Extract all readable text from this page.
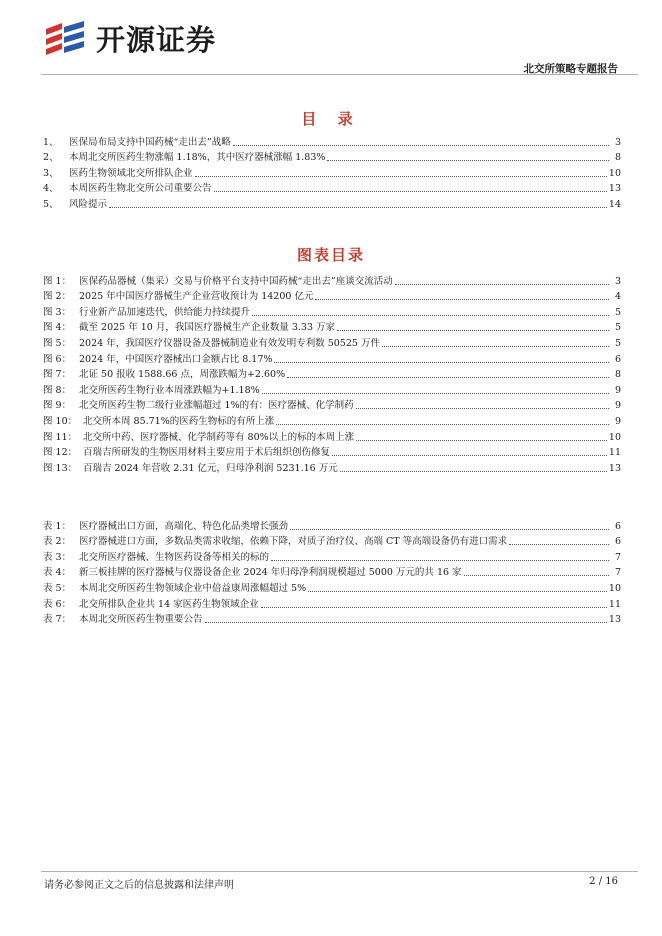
开源证券
北交所策略专题报告
目 录
1、	医保局布局支持中国药械“走出去”战略	3
2、	本周北交所医药生物涨幅 1.18%，其中医疗器械涨幅 1.83%	8
3、	医药生物领域北交所排队企业	10
4、	本周医药生物北交所公司重要公告	13
5、	风险提示	14
图表目录
图 1： 医保药品器械（集采）交易与价格平台支持中国药械“走出去”座谈交流活动	3
图 2： 2025 年中国医疗器械生产企业营收预计为 14200 亿元	4
图 3： 行业新产品加速迭代，供给能力持续提升	5
图 4： 截至 2025 年 10 月，我国医疗器械生产企业数量 3.33 万家	5
图 5： 2024 年，我国医疗仪器设备及器械制造业有效发明专利数 50525 万件	5
图 6： 2024 年，中国医疗器械出口金额占比 8.17%	6
图 7： 北证 50 报收 1588.66 点，周涨跌幅为+2.60%	8
图 8： 北交所医药生物行业本周涨跌幅为+1.18%	9
图 9： 北交所医药生物二级行业涨幅超过 1%的有：医疗器械、化学制药	9
图 10： 北交所本周 85.71%的医药生物标的有所上涨	9
图 11： 北交所中药、医疗器械、化学制药等有 80%以上的标的本周上涨	10
图 12： 百瑞吉所研发的生物医用材料主要应用于术后组织创伤修复	11
图 13： 百瑞吉 2024 年营收 2.31 亿元，归母净利润 5231.16 万元	13
表 1： 医疗器械出口方面，高端化、特色化品类增长强劲	6
表 2： 医疗器械进口方面，多数品类需求收缩，依赖下降，对质子治疗仪、高端 CT 等高端设备仍有进口需求	6
表 3： 北交所医疗器械、生物医药设备等相关的标的	7
表 4： 新三板挂牌的医疗器械与仪器设备企业 2024 年归母净利润规模超过 5000 万元的共 16 家	7
表 5： 本周北交所医药生物领域企业中倍益康周涨幅超过 5%	10
表 6： 北交所排队企业共 14 家医药生物领域企业	11
表 7： 本周北交所医药生物重要公告	13
请务必参阅正文之后的信息披露和法律声明	2 / 16
